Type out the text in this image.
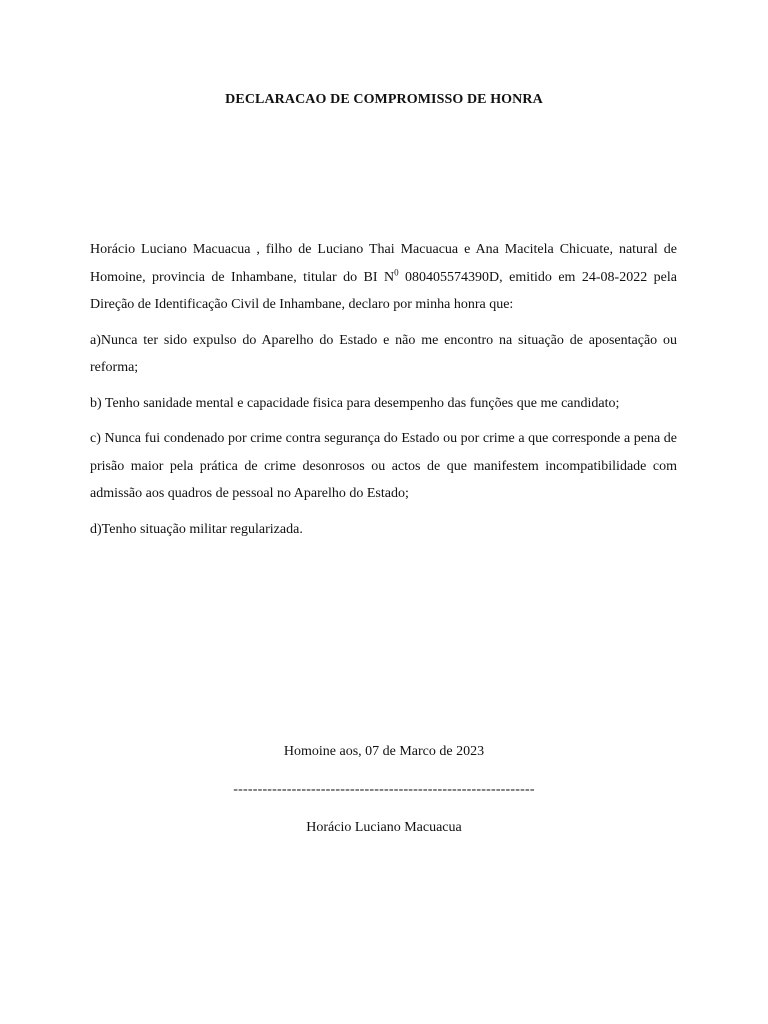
DECLARACAO DE COMPROMISSO DE HONRA

Horácio Luciano Macuacua , filho de Luciano Thai Macuacua e Ana Macitela Chicuate, natural de Homoine, provincia de Inhambane, titular do BI $N^0$ 080405574390D, emitido em 24-08-2022 pela Direção de Identificação Civil de Inhambane, declaro por minha honra que:

a)Nunca ter sido expulso do Aparelho do Estado e não me encontro na situação de aposentação ou reforma;

b) Tenho sanidade mental e capacidade fisica para desempenho das funções que me candidato;

c) Nunca fui condenado por crime contra segurança do Estado ou por crime a que corresponde a pena de prisão maior pela prática de crime desonrosos ou actos de que manifestem incompatibilidade com admissão aos quadros de pessoal no Aparelho do Estado;

d)Tenho situação militar regularizada.

Homoine aos, 07 de Marco de 2023
--------------------------------------------------------------
Horácio Luciano Macuacua
